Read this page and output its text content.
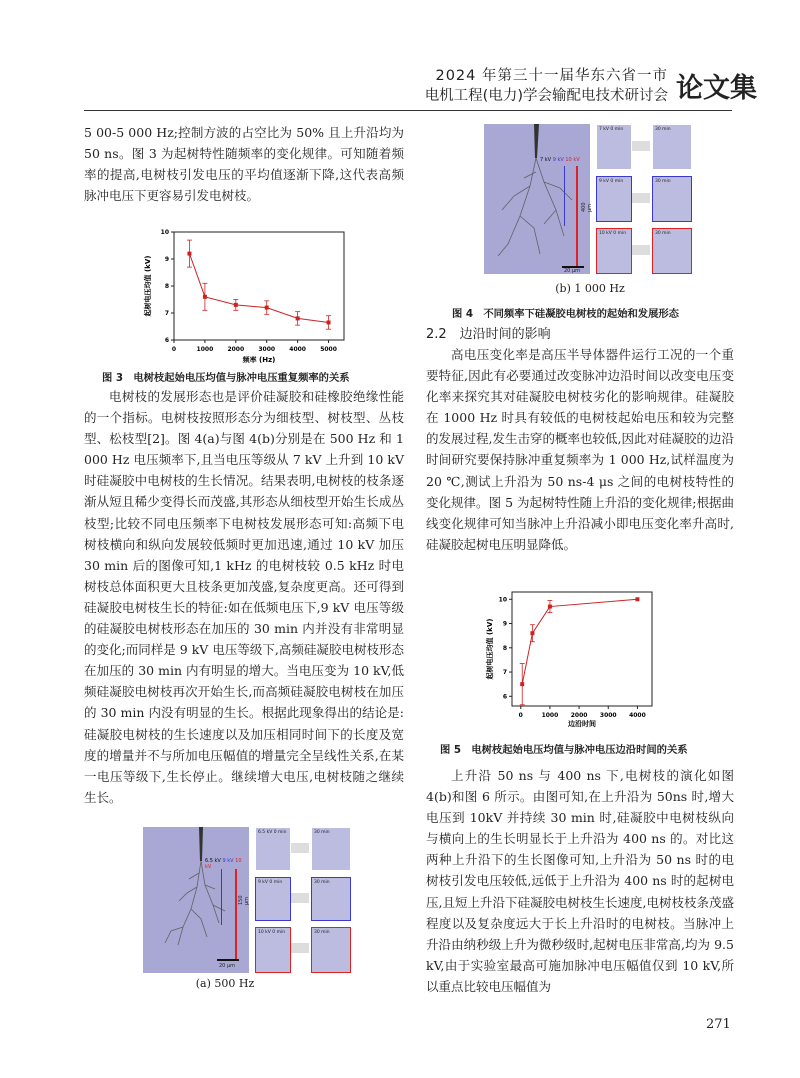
2024 年第三十一届华东六省一市
电机工程(电力)学会输配电技术研讨会 论文集

5 00-5 000 Hz;控制方波的占空比为 50% 且上升沿均为 50 ns。图 3 为起树特性随频率的变化规律。可知随着频率的提高,电树枝引发电压的平均值逐渐下降,这代表高频脉冲电压下更容易引发电树枝。

0	1000 2000 3000 4000 5000
6
7
8
9
10
频率 (Hz)
起树电压均值 (kV)
图 3　电树枝起始电压均值与脉冲电压重复频率的关系

电树枝的发展形态也是评价硅凝胶和硅橡胶绝缘性能的一个指标。电树枝按照形态分为细枝型、树枝型、丛枝型、松枝型[2]。图 4(a)与图 4(b)分别是在 500 Hz 和 1 000 Hz 电压频率下,且当电压等级从 7 kV 上升到 10 kV 时硅凝胶中电树枝的生长情况。结果表明,电树枝的枝条逐渐从短且稀少变得长而茂盛,其形态从细枝型开始生长成丛枝型;比较不同电压频率下电树枝发展形态可知:高频下电树枝横向和纵向发展较低频时更加迅速,通过 10 kV 加压 30 min 后的图像可知,1 kHz 的电树枝较 0.5 kHz 时电树枝总体面积更大且枝条更加茂盛,复杂度更高。还可得到硅凝胶电树枝生长的特征:如在低频电压下,9 kV 电压等级的硅凝胶电树枝形态在加压的 30 min 内并没有非常明显的变化;而同样是 9 kV 电压等级下,高频硅凝胶电树枝形态在加压的 30 min 内有明显的增大。当电压变为 10 kV,低频硅凝胶电树枝再次开始生长,而高频硅凝胶电树枝在加压的 30 min 内没有明显的生长。根据此现象得出的结论是:硅凝胶电树枝的生长速度以及加压相同时间下的长度及宽度的增量并不与所加电压幅值的增量完全呈线性关系,在某一电压等级下,生长停止。继续增大电压,电树枝随之继续生长。

6.5 kV 9 kV 10 kV
150 μm
20 μm
6.5 kV 0 min	30 min
9 kV 0 min	30 min
10 kV 0 min	30 min
(a) 500 Hz
7 kV 9 kV 10 kV
400 μm
20 μm
7 kV 0 min	30 min
9 kV 0 min	30 min
10 kV 0 min	30 min
(b) 1 000 Hz
图 4　不同频率下硅凝胶电树枝的起始和发展形态
2.2　边沿时间的影响

高电压变化率是高压半导体器件运行工况的一个重要特征,因此有必要通过改变脉冲边沿时间以改变电压变化率来探究其对硅凝胶电树枝劣化的影响规律。硅凝胶在 1000 Hz 时具有较低的电树枝起始电压和较为完整的发展过程,发生击穿的概率也较低,因此对硅凝胶的边沿时间研究要保持脉冲重复频率为 1 000 Hz,试样温度为 20 ℃,测试上升沿为 50 ns-4 μs 之间的电树枝特性的变化规律。图 5 为起树特性随上升沿的变化规律;根据曲线变化规律可知当脉冲上升沿减小即电压变化率升高时,硅凝胶起树电压明显降低。

0	1000 2000 3000 4000
6
7
8
9
10
边沿时间
起树电压均值 (kV)
图 5　电树枝起始电压均值与脉冲电压边沿时间的关系

上升沿 50 ns 与 400 ns 下,电树枝的演化如图 4(b)和图 6 所示。由图可知,在上升沿为 50ns 时,增大电压到 10kV 并持续 30 min 时,硅凝胶中电树枝纵向与横向上的生长明显长于上升沿为 400 ns 的。对比这两种上升沿下的生长图像可知,上升沿为 50 ns 时的电树枝引发电压较低,远低于上升沿为 400 ns 时的起树电压,且短上升沿下硅凝胶电树枝生长速度,电树枝枝条茂盛程度以及复杂度远大于长上升沿时的电树枝。当脉冲上升沿由纳秒级上升为微秒级时,起树电压非常高,均为 9.5 kV,由于实验室最高可施加脉冲电压幅值仅到 10 kV,所以重点比较电压幅值为

271
